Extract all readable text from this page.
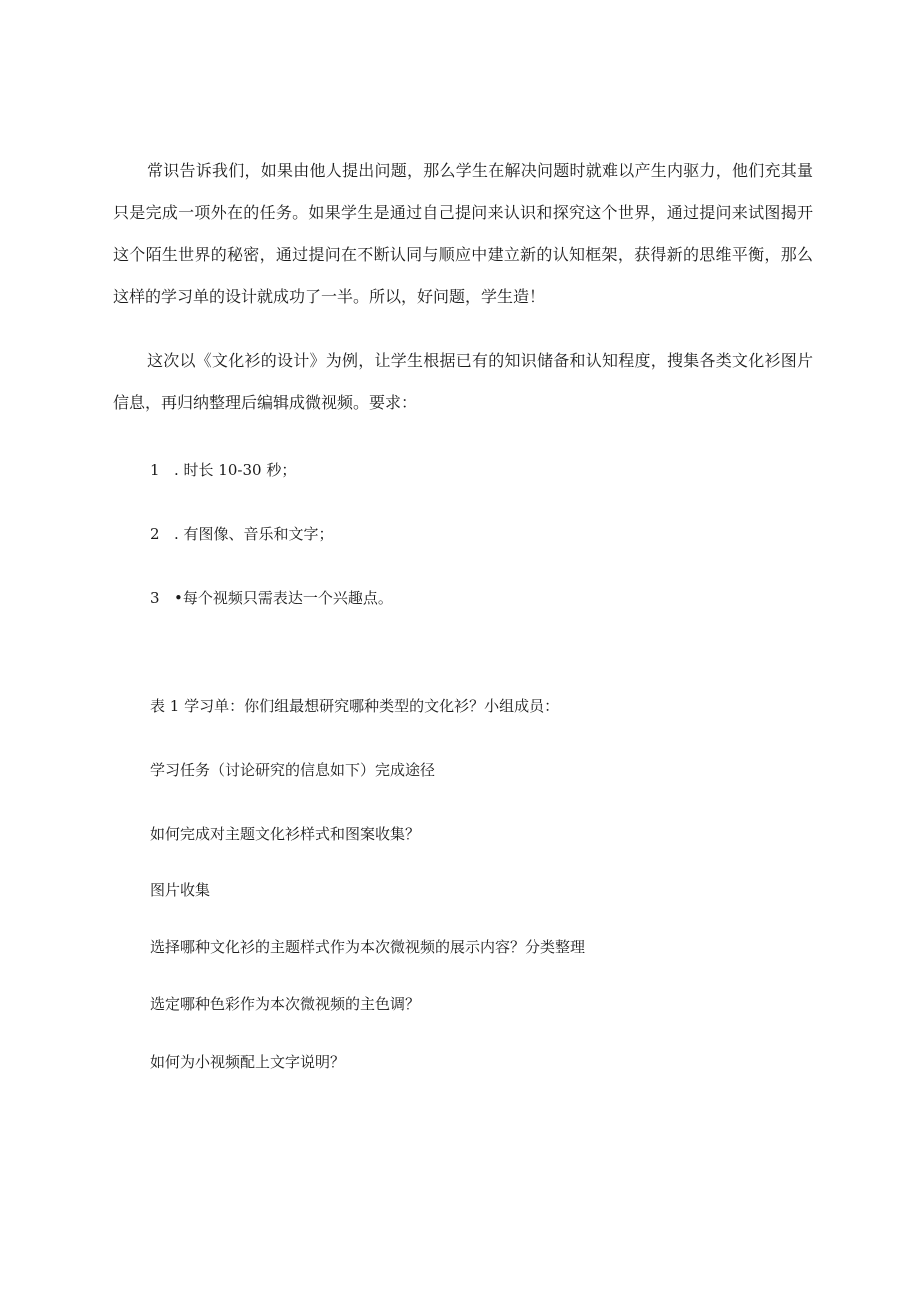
常识告诉我们，如果由他人提出问题，那么学生在解决问题时就难以产生内驱力，他们充其量只是完成一项外在的任务。如果学生是通过自己提问来认识和探究这个世界，通过提问来试图揭开这个陌生世界的秘密，通过提问在不断认同与顺应中建立新的认知框架，获得新的思维平衡，那么这样的学习单的设计就成功了一半。所以，好问题，学生造！

这次以《文化衫的设计》为例，让学生根据已有的知识储备和认知程度，搜集各类文化衫图片信息，再归纳整理后编辑成微视频。要求：

1 . 时长 10-30 秒；
2 . 有图像、音乐和文字；
3 •每个视频只需表达一个兴趣点。
表 1 学习单：你们组最想研究哪种类型的文化衫？小组成员：
学习任务（讨论研究的信息如下）完成途径
如何完成对主题文化衫样式和图案收集？
图片收集
选择哪种文化衫的主题样式作为本次微视频的展示内容？分类整理
选定哪种色彩作为本次微视频的主色调？
如何为小视频配上文字说明？
